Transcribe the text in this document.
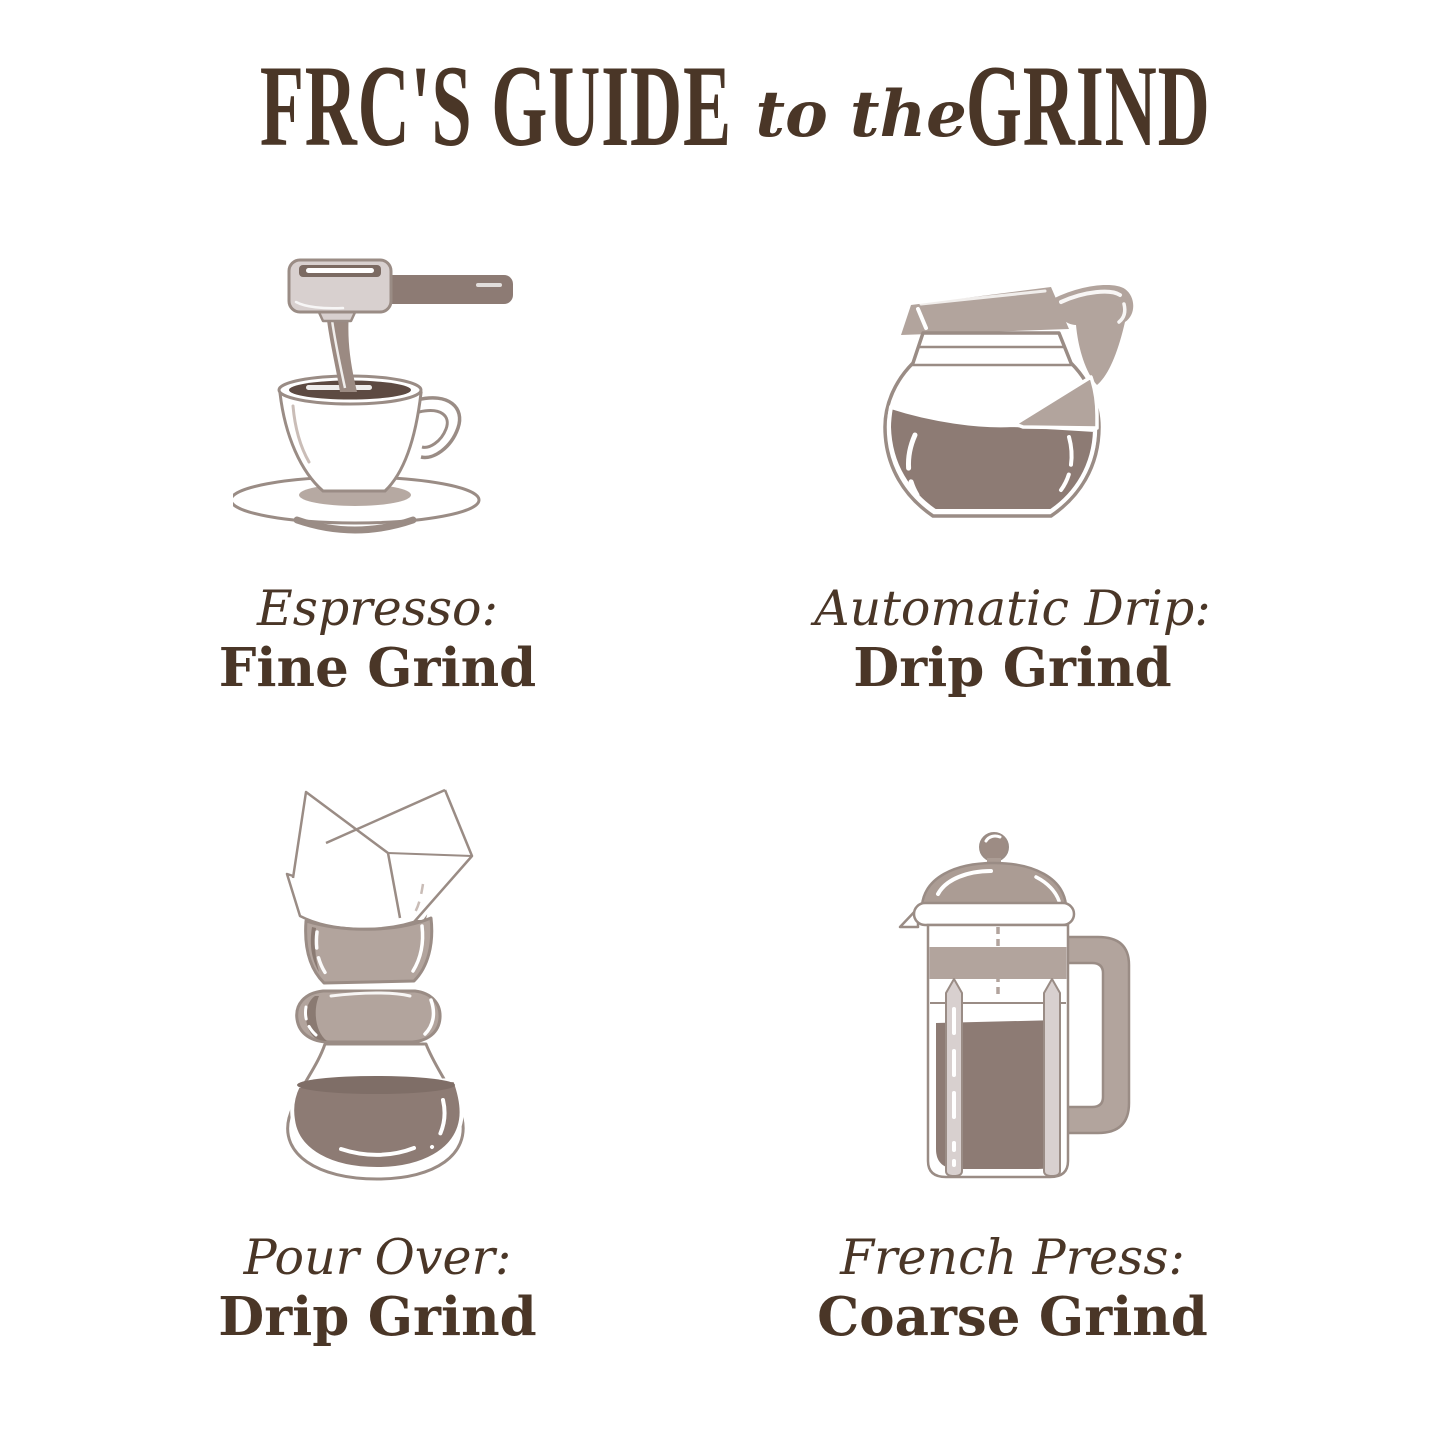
FRC'S GUIDE to the
GRIND
Espresso:
Fine Grind
Automatic Drip:
Drip Grind
Pour Over:
Drip Grind
French Press:
Coarse Grind
